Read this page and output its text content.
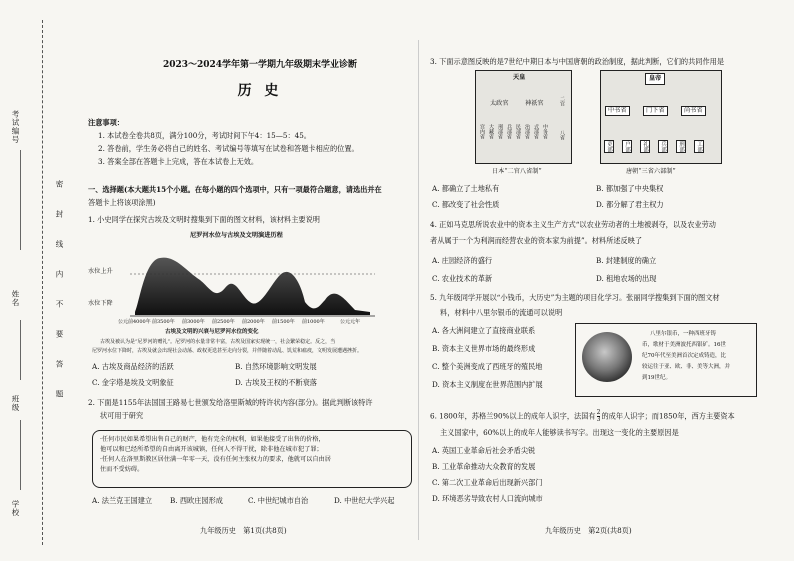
考试编号
姓名
班级
学校
密
封
线
内
不
要
答
题
2023～2024学年第一学期九年级期末学业诊断
历 史
注意事项：
1. 本试卷全卷共8页，满分100分，考试时间下午4：15—5：45。
2. 答卷前，学生务必将自己的姓名、考试编号等填写在试卷和答题卡相应的位置。
3. 答案全部在答题卡上完成，答在本试卷上无效。
一、选择题(本大题共15个小题。在每小题的四个选项中，只有一项最符合题意，请选出并在
答题卡上将该项涂黑)
1. 小史同学在探究古埃及文明时搜集到下面的图文材料，该材料主要说明
尼罗河水位与古埃及文明演进历程
水位上升
水位下降
公元前4000年 前3500年 前3000年 前2500年 前2000年 前1500年 前1000年	公元元年
古埃及文明的兴衰与尼罗河水位的变化
古埃及被认为是“尼罗河的赠礼”。尼罗河的水量非常丰富，古埃及国家实现统一，社会繁荣稳定。反之，当
尼罗河水位下降时，古埃及就会出现社会动荡、政权更迭甚至走向分裂，并伴随着动乱、饥荒和瘟疫，文明发展遭遇挫折。
A. 古埃及商品经济的活跃	B. 自然环境影响文明发展
C. 金字塔是埃及文明象征	D. 古埃及王权的不断衰落
2. 下面是1155年法国国王路易七世颁发给洛里斯城的特许状内容(部分)。据此判断该特许
状可用于研究
·任何市民如果希望出售自己的财产，他有完全的权利，如果他接受了出售的价格，
他可以和已经所希望的自由离开该城镇，任何人不得干扰，除非他在城市犯了罪；
·任何人在洛里斯教区居住满一年零一天，没有任何主张权力的要求，他就可以自由居
住而不受妨碍。
A. 法兰克王国建立 B. 西欧庄园形成	C. 中世纪城市自治	D. 中世纪大学兴起
九年级历史　第1页(共8页)
3. 下面示意图反映的是7世纪中期日本与中国唐朝的政治制度，据此判断，它们的共同作用是
天皇
太政官	神祇官	二官
八省
宫内省 大藏省 刑部省 兵部省 民部省 治部省 式部省 中务省
日本“二官八省制”
皇帝
中书省	门下省	尚书省
吏部	户部	礼部	兵部	刑部	工部
唐朝“三省六部制”
A. 都确立了土地私有	B. 都加强了中央集权
C. 都改变了社会性质	D. 都分解了君主权力
4. 正如马克思所说农业中的资本主义生产方式“以农业劳动者的土地被剥夺，以及农业劳动
者从属于一个为利润而经营农业的资本家为前提”。材料所述反映了
A. 庄园经济的盛行	B. 封建制度的确立
C. 农业技术的革新	D. 租地农场的出现
5. 九年级同学开展以“小钱币，大历史”为主题的项目化学习。张丽同学搜集到下面的图文材
料，材料中八里尔银币的流通可以说明
A. 各大洲间建立了直接商业联系
B. 资本主义世界市场的最终形成
C. 整个美洲变成了西班牙的殖民地
D. 资本主义制度在世界范围内扩展
八里尔银币，一种西班牙铸
币，歌材于美洲波托西银矿。16世
纪70年代至美洲首次定成铸造，比
较运往于亚、欧、非、美等大洲，并
到19世纪。
6. 1800年，苏格兰90%以上的成年人识字，法国有 $\frac{2}{3}$ 的成年人识字；而1850年，西方主要资本
主义国家中，60%以上的成年人能够读书写字。出现这一变化的主要原因是
A. 英国工业革命后社会矛盾尖锐
B. 工业革命推动大众教育的发展
C. 第二次工业革命后出现新兴部门
D. 环境恶劣导致农村人口流向城市
九年级历史　第2页(共8页)
